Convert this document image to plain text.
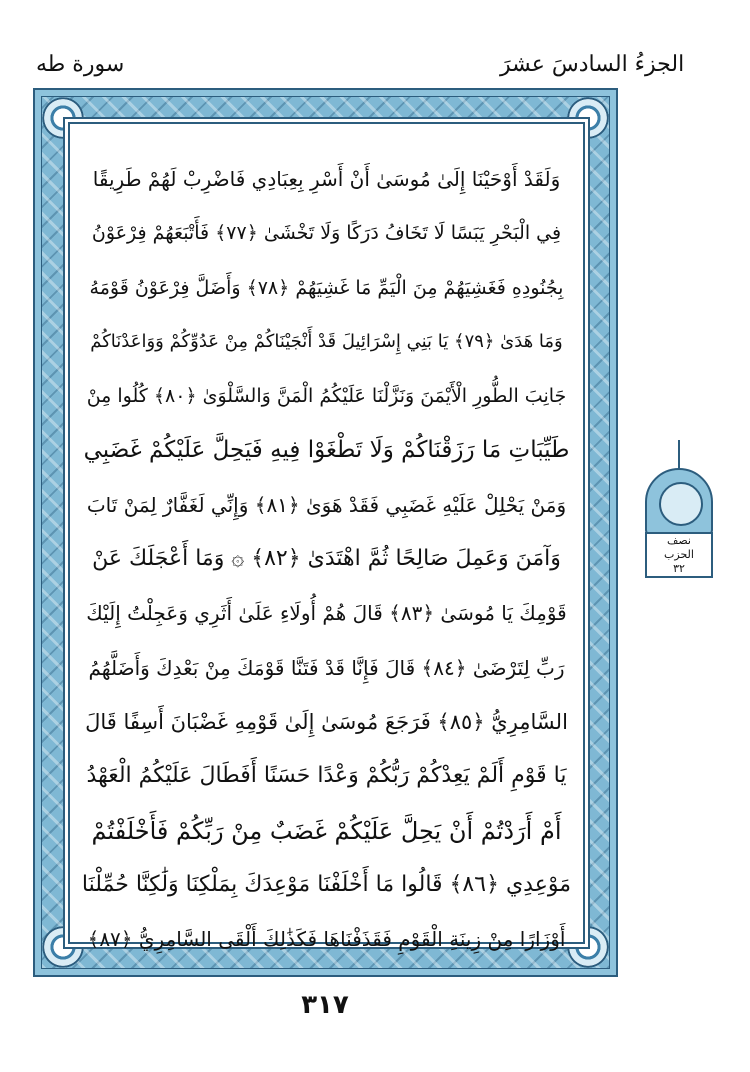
الجزءُ السادسَ عشرَ
سورة طه
وَلَقَدْ أَوْحَيْنَا إِلَىٰ مُوسَىٰ أَنْ أَسْرِ بِعِبَادِي فَاضْرِبْ لَهُمْ طَرِيقًا
فِي الْبَحْرِ يَبَسًا لَا تَخَافُ دَرَكًا وَلَا تَخْشَىٰ ﴿٧٧﴾ فَأَتْبَعَهُمْ فِرْعَوْنُ
بِجُنُودِهِ فَغَشِيَهُمْ مِنَ الْيَمِّ مَا غَشِيَهُمْ ﴿٧٨﴾ وَأَضَلَّ فِرْعَوْنُ قَوْمَهُ
وَمَا هَدَىٰ ﴿٧٩﴾ يَا بَنِي إِسْرَائِيلَ قَدْ أَنْجَيْنَاكُمْ مِنْ عَدُوِّكُمْ وَوَاعَدْنَاكُمْ
جَانِبَ الطُّورِ الْأَيْمَنَ وَنَزَّلْنَا عَلَيْكُمُ الْمَنَّ وَالسَّلْوَىٰ ﴿٨٠﴾ كُلُوا مِنْ
طَيِّبَاتِ مَا رَزَقْنَاكُمْ وَلَا تَطْغَوْا فِيهِ فَيَحِلَّ عَلَيْكُمْ غَضَبِي
وَمَنْ يَحْلِلْ عَلَيْهِ غَضَبِي فَقَدْ هَوَىٰ ﴿٨١﴾ وَإِنِّي لَغَفَّارٌ لِمَنْ تَابَ
وَآمَنَ وَعَمِلَ صَالِحًا ثُمَّ اهْتَدَىٰ ﴿٨٢﴾ ۞ وَمَا أَعْجَلَكَ عَنْ
قَوْمِكَ يَا مُوسَىٰ ﴿٨٣﴾ قَالَ هُمْ أُولَاءِ عَلَىٰ أَثَرِي وَعَجِلْتُ إِلَيْكَ
رَبِّ لِتَرْضَىٰ ﴿٨٤﴾ قَالَ فَإِنَّا قَدْ فَتَنَّا قَوْمَكَ مِنْ بَعْدِكَ وَأَضَلَّهُمُ
السَّامِرِيُّ ﴿٨٥﴾ فَرَجَعَ مُوسَىٰ إِلَىٰ قَوْمِهِ غَضْبَانَ أَسِفًا قَالَ
يَا قَوْمِ أَلَمْ يَعِدْكُمْ رَبُّكُمْ وَعْدًا حَسَنًا أَفَطَالَ عَلَيْكُمُ الْعَهْدُ
أَمْ أَرَدْتُمْ أَنْ يَحِلَّ عَلَيْكُمْ غَضَبٌ مِنْ رَبِّكُمْ فَأَخْلَفْتُمْ
مَوْعِدِي ﴿٨٦﴾ قَالُوا مَا أَخْلَفْنَا مَوْعِدَكَ بِمَلْكِنَا وَلَٰكِنَّا حُمِّلْنَا
أَوْزَارًا مِنْ زِينَةِ الْقَوْمِ فَقَذَفْنَاهَا فَكَذَٰلِكَ أَلْقَى السَّامِرِيُّ ﴿٨٧﴾
نصف
الحزب
٣٢
٣١٧
